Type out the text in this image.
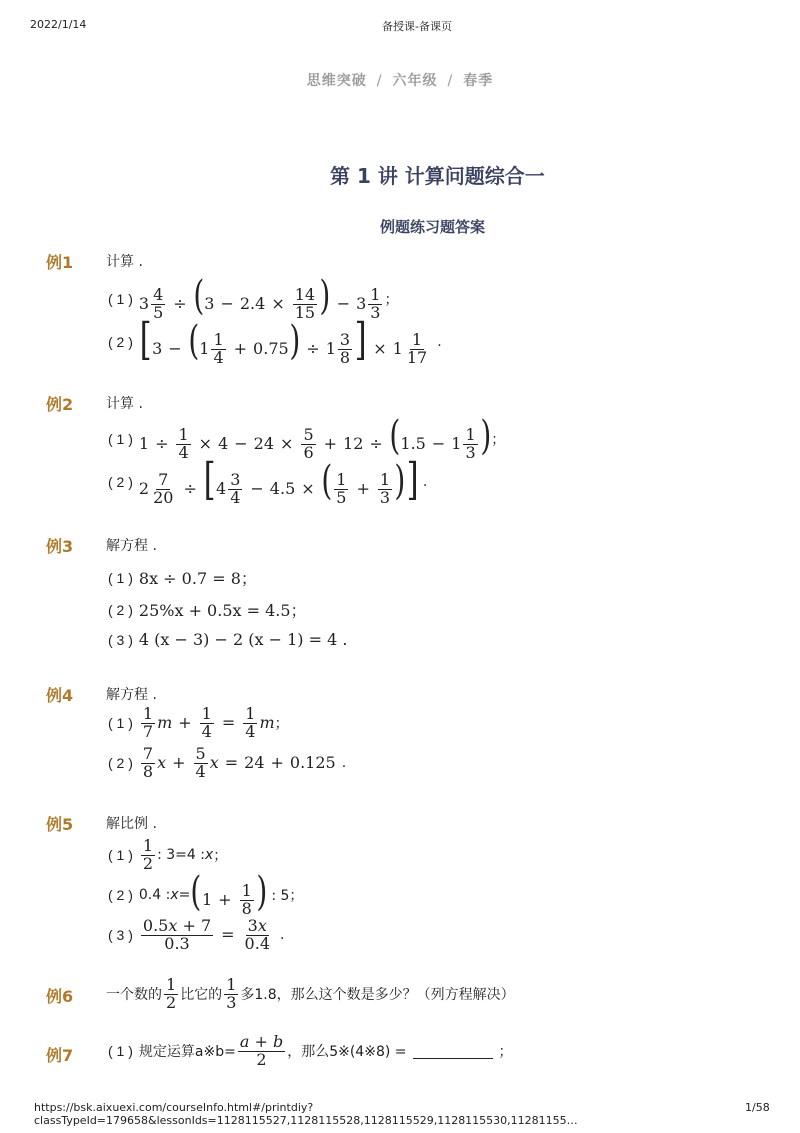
2022/1/14	备授课-备课页
思维突破 / 六年级 / 春季
第 1 讲 计算问题综合一
例题练习题答案
例1 计算 .
( 1 ) $3 \frac{4}{5} \div (3 - 2.4 \times \frac{14}{15}$ ) − $3 \frac{1}{3}$ ；
( 2 ) [$3 - (1 \frac{1}{4} + 0.75) \div 1 \frac{3}{8}$ ] × $1 \frac{1}{17}$ .
例2 计算 .
( 1 ) $1 \div \frac{1}{4} \times 4 - 24 \times \frac{5}{6} + 12 \div (1.5 - 1 \frac{1}{3}$ ) ；
( 2 ) $2 \frac{7}{20} \div [4 \frac{3}{4} - 4.5$ × ( $\frac{1}{5} + \frac{1}{3}$ )] .
例3 解方程 .
( 1 ) 8x ÷ 0.7 = 8；
( 2 ) 25%x + 0.5x = 4.5；
( 3 ) 4 (x − 3) − 2 (x − 1) = 4 .
例4 解方程 .
( 1 ) $\frac{1}{7}$ $m + \frac{1}{4} = \frac{1}{4}$ m ；
( 2 ) $\frac{7}{8}$ $x + \frac{5}{4}$ x = 24 + 0.125 .
例5 解比例 .
( 1 ) $\frac{1}{2}$ : 3=4 : x ；
( 2 ) 0.4 : $x = (1 + \frac{1}{8}$ ) : 5；
( 3 ) $\frac{0.5x + 7}{0.3} = \frac{3x}{0.4}$ .
例6 一个数的 $\frac{1}{2}$ 比它的 $\frac{1}{3}$ 多1.8，那么这个数是多少？（列方程解决）
例7 ( 1 ) 规定运算a※b= $\frac{a + b}{2}$ ，那么5※(4※8) =	；
https://bsk.aixuexi.com/courseInfo.html#/printdiy?classTypeId=179658&lessonIds=1128115527,1128115528,1128115529,1128115530,11281155…
1/58
